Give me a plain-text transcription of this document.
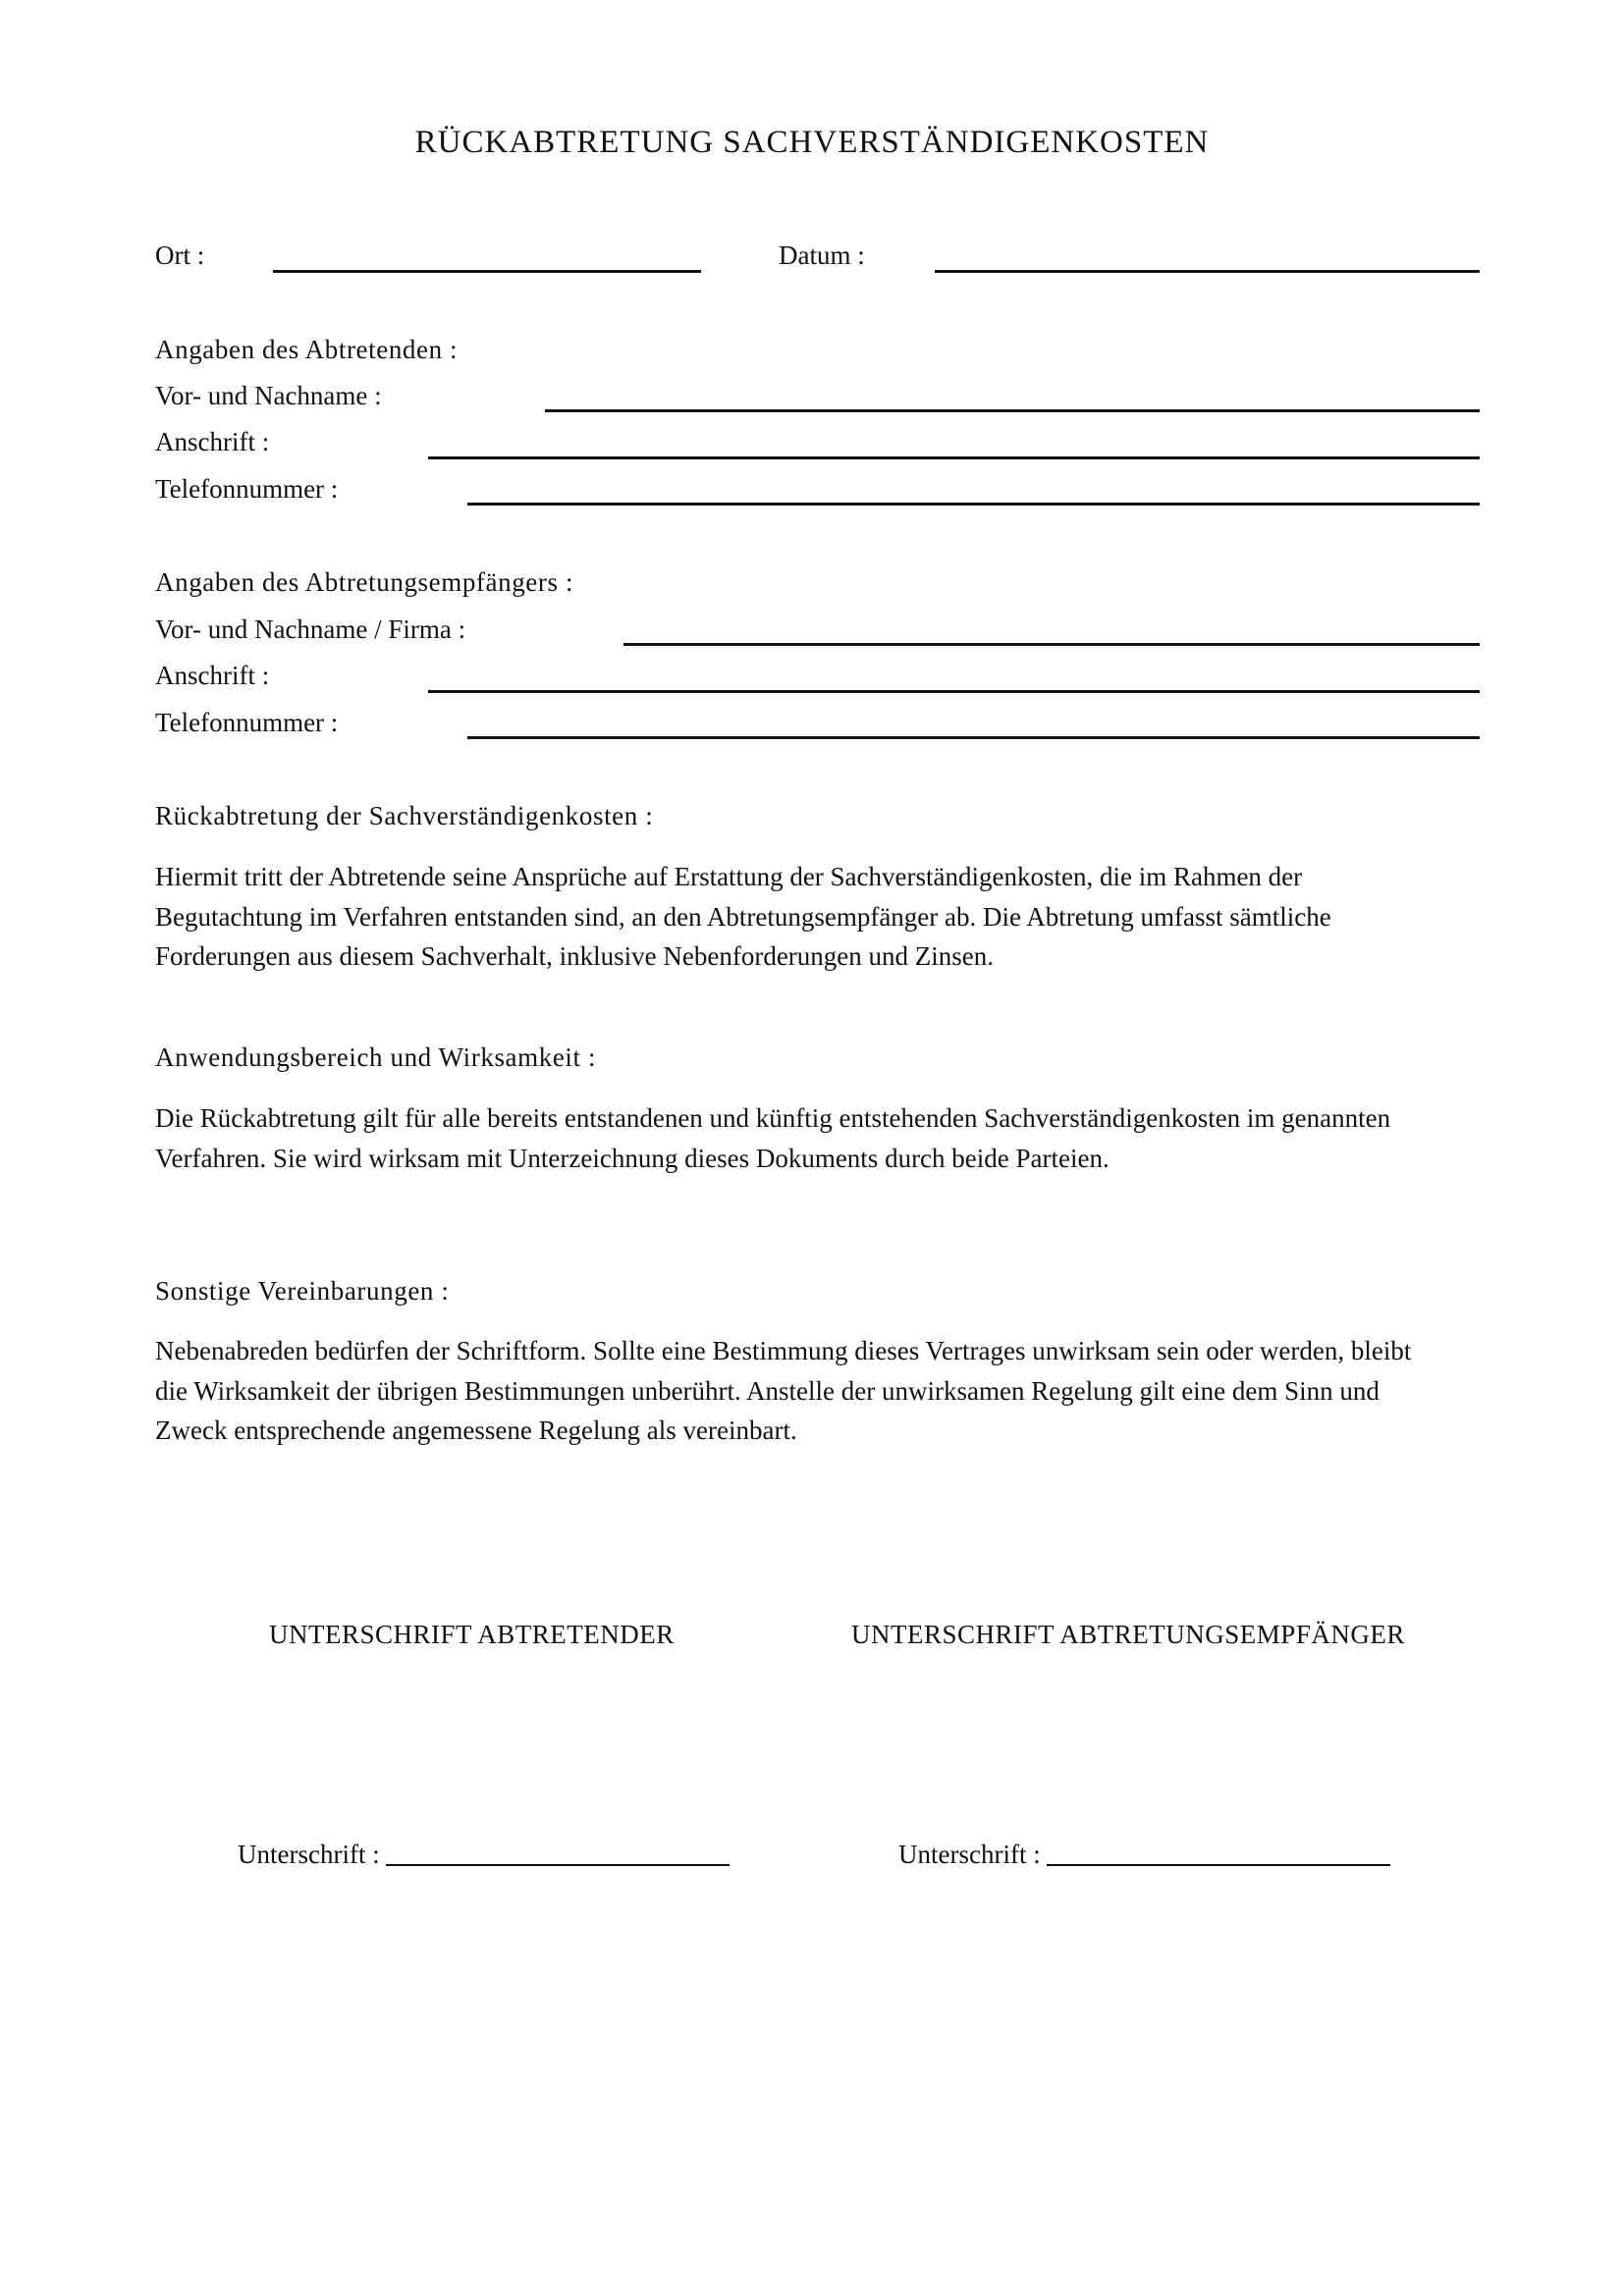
RÜCKABTRETUNG SACHVERSTÄNDIGENKOSTEN
Ort :	Datum :
Angaben des Abtretenden :
Vor- und Nachname :
Anschrift :
Telefonnummer :
Angaben des Abtretungsempfängers :
Vor- und Nachname / Firma :
Anschrift :
Telefonnummer :
Rückabtretung der Sachverständigenkosten :
Hiermit tritt der Abtretende seine Ansprüche auf Erstattung der Sachverständigenkosten, die im Rahmen der
Begutachtung im Verfahren entstanden sind, an den Abtretungsempfänger ab. Die Abtretung umfasst sämtliche
Forderungen aus diesem Sachverhalt, inklusive Nebenforderungen und Zinsen.
Anwendungsbereich und Wirksamkeit :
Die Rückabtretung gilt für alle bereits entstandenen und künftig entstehenden Sachverständigenkosten im genannten
Verfahren. Sie wird wirksam mit Unterzeichnung dieses Dokuments durch beide Parteien.
Sonstige Vereinbarungen :
Nebenabreden bedürfen der Schriftform. Sollte eine Bestimmung dieses Vertrages unwirksam sein oder werden, bleibt
die Wirksamkeit der übrigen Bestimmungen unberührt. Anstelle der unwirksamen Regelung gilt eine dem Sinn und
Zweck entsprechende angemessene Regelung als vereinbart.
UNTERSCHRIFT ABTRETENDER	UNTERSCHRIFT ABTRETUNGSEMPFÄNGER
Unterschrift :	Unterschrift :
